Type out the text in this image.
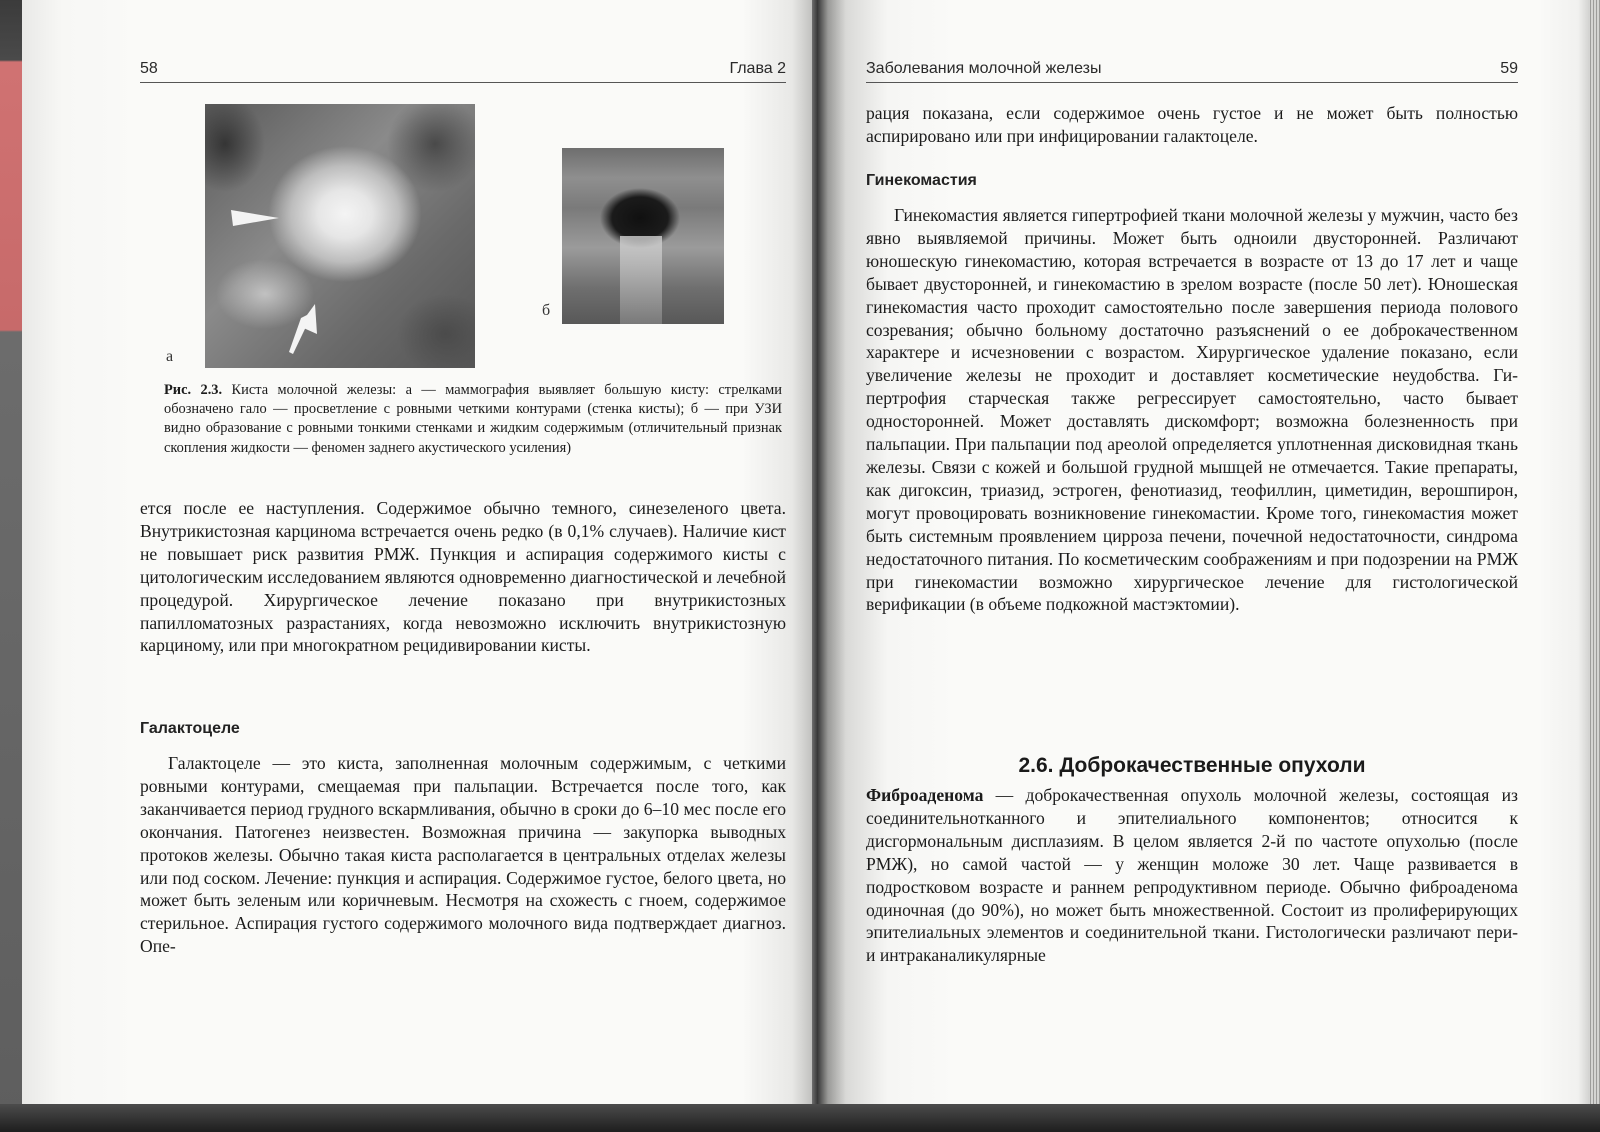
58	Глава 2
а
б
Рис. 2.3. Киста молочной железы: а — маммография выявляет большую кисту: стрелками обозначено гало — просветление с ровными четкими контурами (стенка кисты); б — при УЗИ видно образование с ровными тонкими стенками и жидким содержимым (отличительный признак скопления жидкости — феномен заднего акустического усиления)

ется после ее наступления. Содержимое обычно темного, синезеленого цвета. Внутрикистозная карцинома встречается очень редко (в 0,1% случаев). Наличие кист не повышает риск развития РМЖ. Пункция и аспирация содержимого кисты с цитологическим исследованием являются одновременно диагностической и лечебной процедурой. Хирургическое лечение показано при внутрикистозных папилломатозных разрастаниях, когда невозможно исключить внутрикистозную карциному, или при многократном рецидивировании кисты.

Галактоцеле

Галактоцеле — это киста, заполненная молочным содержимым, с четкими ровными контурами, смещаемая при пальпации. Встречается после того, как заканчивается период грудного вскармливания, обычно в сроки до 6–10 мес после его окончания. Патогенез неизвестен. Возможная причина — закупорка выводных протоков железы. Обычно такая киста располагается в центральных отделах железы или под соском. Лечение: пункция и аспирация. Содержимое густое, белого цвета, но может быть зеленым или коричневым. Несмотря на схожесть с гноем, содержимое стерильное. Аспирация густого содержимого молочного вида подтверждает диагноз. Опе-

Заболевания молочной железы	59

рация показана, если содержимое очень густое и не может быть полностью аспирировано или при инфицировании галактоцеле.

Гинекомастия

Гинекомастия является гипертрофией ткани молочной железы у мужчин, часто без явно выявляемой причины. Может быть одноили двусторонней. Различают юношескую гинекомастию, которая встречается в возрасте от 13 до 17 лет и чаще бывает двусторонней, и гинекомастию в зрелом возрасте (после 50 лет). Юношеская гинекомастия часто проходит самостоятельно после завершения периода полового созревания; обычно больному достаточно разъяснений о ее доброкачественном характере и исчезновении с возрастом. Хирургическое удаление показано, если увеличение железы не проходит и доставляет косметические неудобства. Гипертрофия старческая также регрессирует самостоятельно, часто бывает односторонней. Может доставлять дискомфорт; возможна болезненность при пальпации. При пальпации под ареолой определяется уплотненная дисковидная ткань железы. Связи с кожей и большой грудной мышцей не отмечается. Такие препараты, как дигоксин, триазид, эстроген, фенотиазид, теофиллин, циметидин, верошпирон, могут провоцировать возникновение гинекомастии. Кроме того, гинекомастия может быть системным проявлением цирроза печени, почечной недостаточности, синдрома недостаточного питания. По косметическим соображениям и при подозрении на РМЖ при гинекомастии возможно хирургическое лечение для гистологической верификации (в объеме подкожной мастэктомии).

2.6. Доброкачественные опухоли

Фиброаденома — доброкачественная опухоль молочной железы, состоящая из соединительнотканного и эпителиального компонентов; относится к дисгормональным дисплазиям. В целом является 2-й по частоте опухолью (после РМЖ), но самой частой — у женщин моложе 30 лет. Чаще развивается в подростковом возрасте и раннем репродуктивном периоде. Обычно фиброаденома одиночная (до 90%), но может быть множественной. Состоит из пролиферирующих эпителиальных элементов и соединительной ткани. Гистологически различают пери- и интраканаликулярные
